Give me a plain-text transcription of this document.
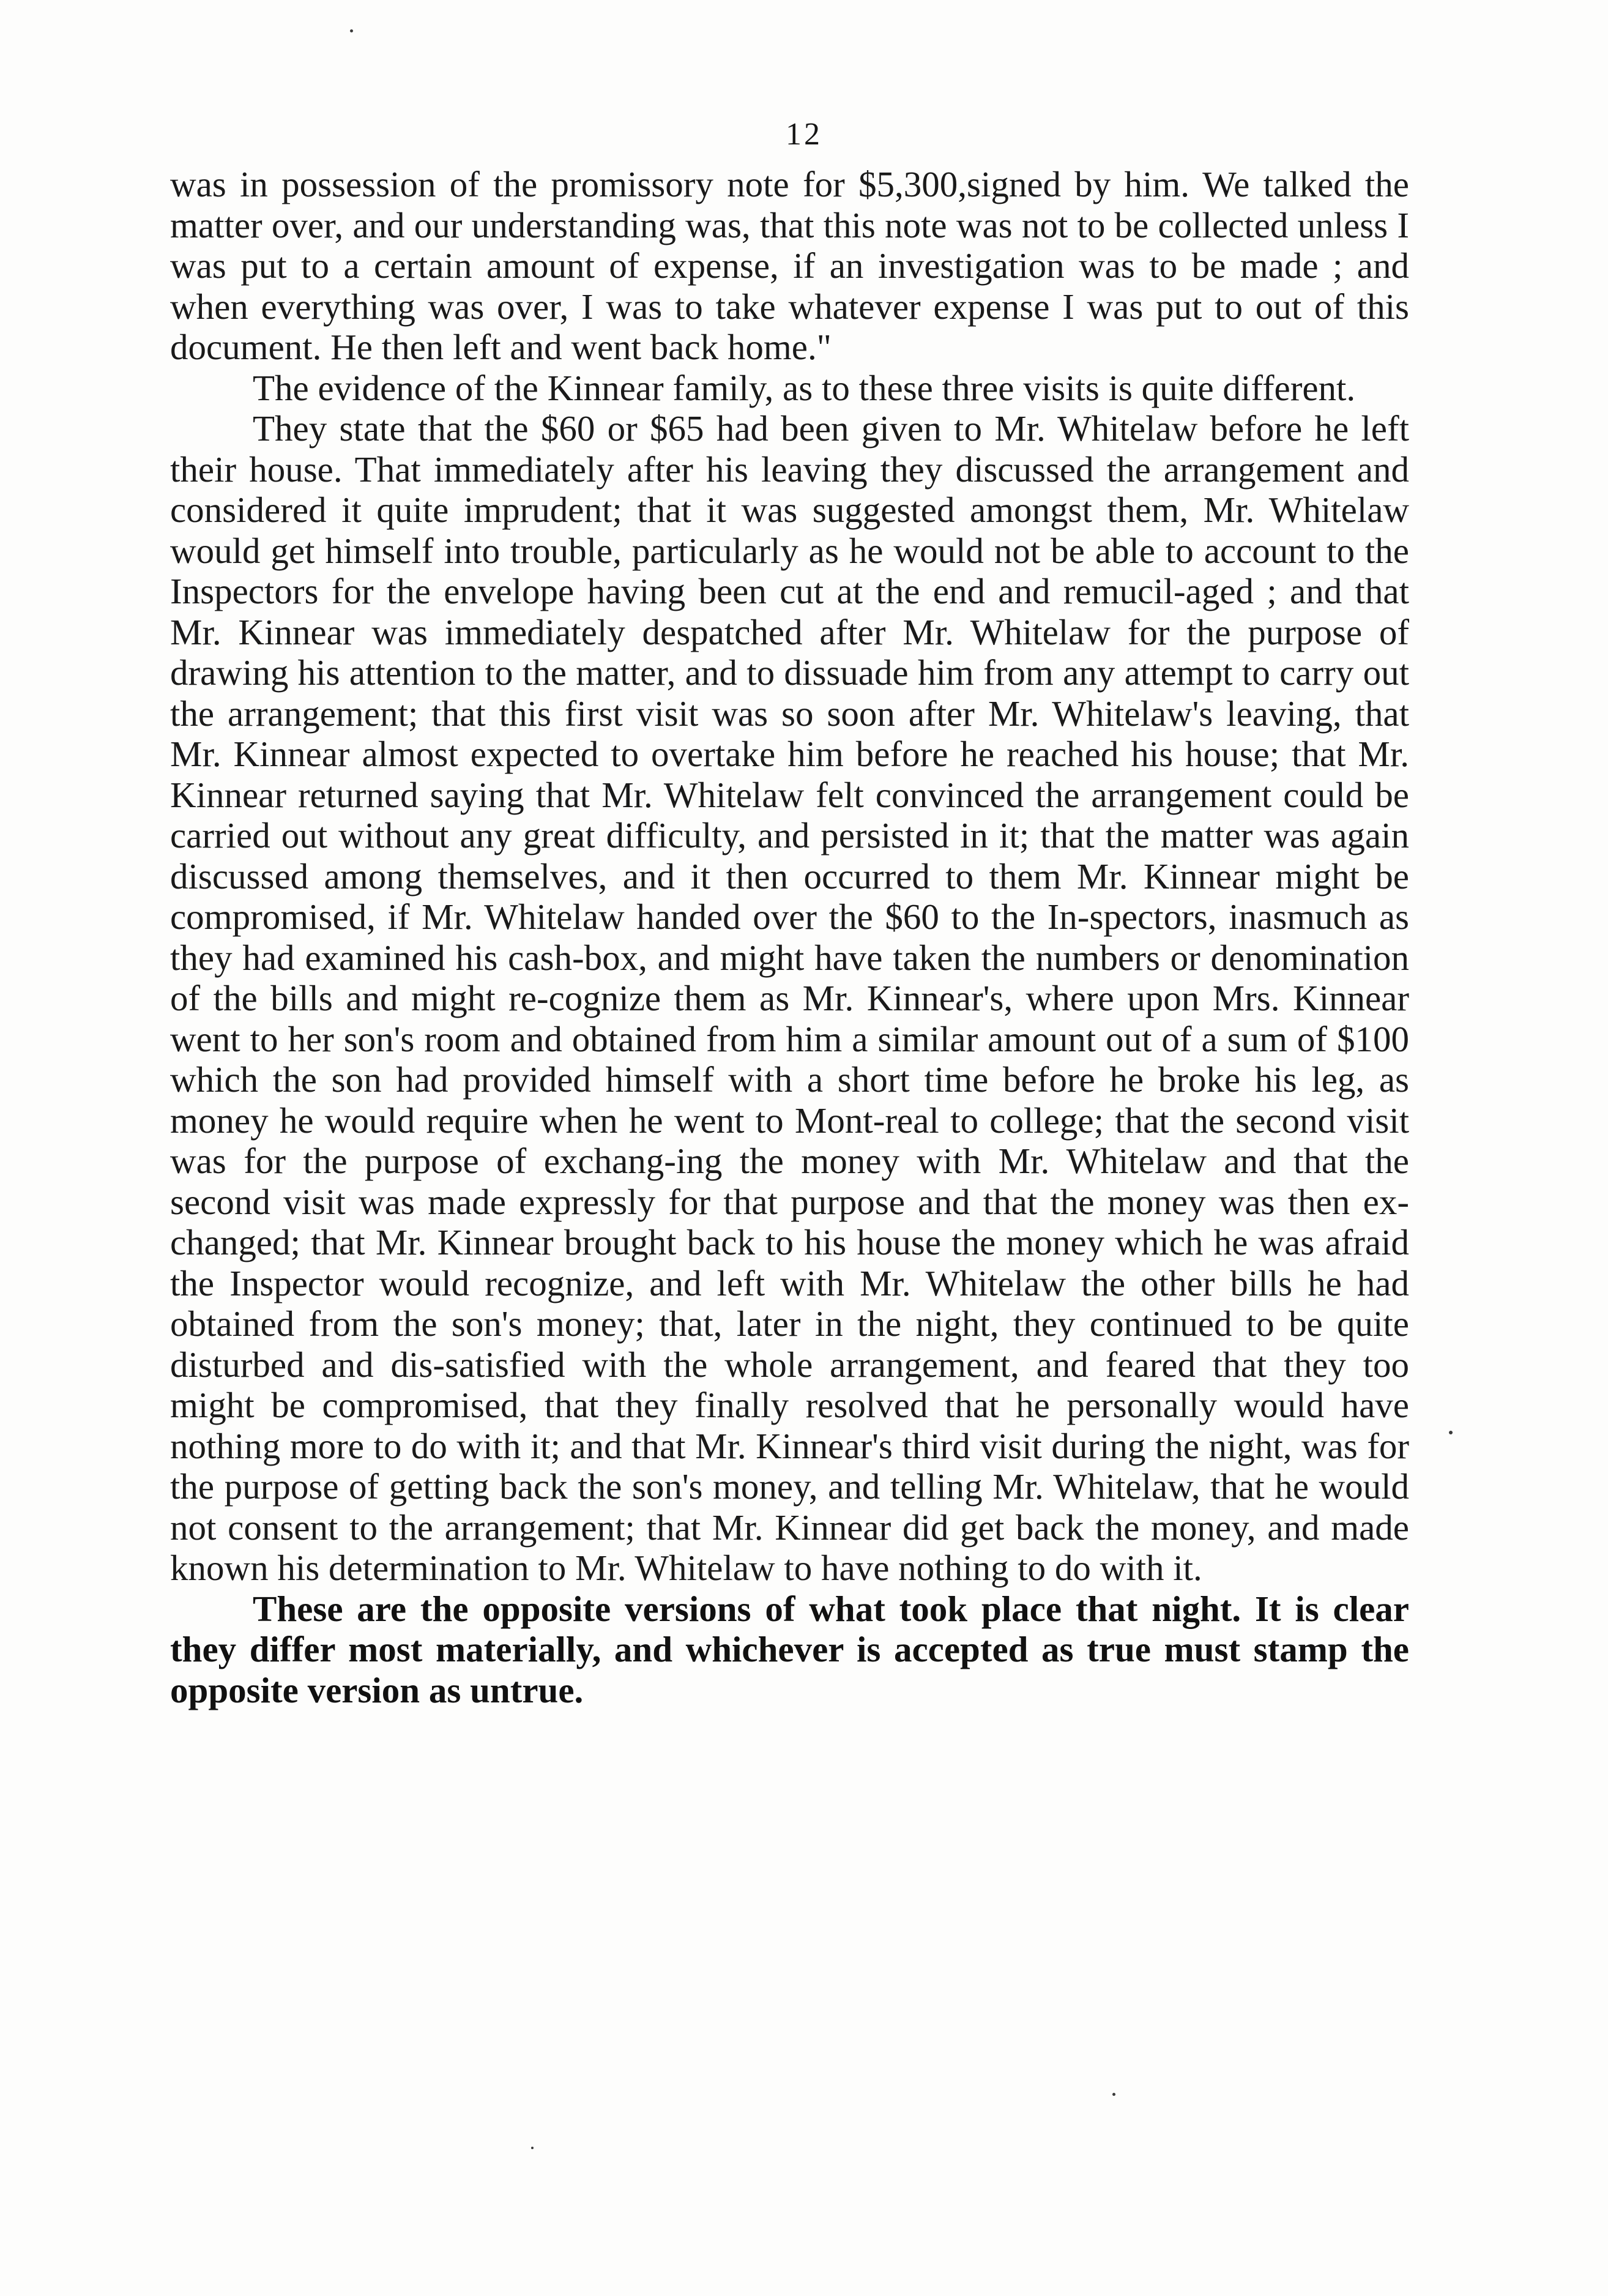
12

was in possession of the promissory note for $5,300,signed by him. We talked the matter over, and our understanding was, that this note was not to be collected unless I was put to a certain amount of expense, if an investigation was to be made ; and when everything was over, I was to take whatever expense I was put to out of this document. He then left and went back home."

The evidence of the Kinnear family, as to these three visits is quite different.

They state that the $60 or $65 had been given to Mr. Whitelaw before he left their house. That immediately after his leaving they discussed the arrangement and considered it quite imprudent; that it was suggested amongst them, Mr. Whitelaw would get himself into trouble, particularly as he would not be able to account to the Inspectors for the envelope having been cut at the end and remucil-aged ; and that Mr. Kinnear was immediately despatched after Mr. Whitelaw for the purpose of drawing his attention to the matter, and to dissuade him from any attempt to carry out the arrangement; that this first visit was so soon after Mr. Whitelaw's leaving, that Mr. Kinnear almost expected to overtake him before he reached his house; that Mr. Kinnear returned saying that Mr. Whitelaw felt convinced the arrangement could be carried out without any great difficulty, and persisted in it; that the matter was again discussed among themselves, and it then occurred to them Mr. Kinnear might be compromised, if Mr. Whitelaw handed over the $60 to the In-spectors, inasmuch as they had examined his cash-box, and might have taken the numbers or denomination of the bills and might re-cognize them as Mr. Kinnear's, where upon Mrs. Kinnear went to her son's room and obtained from him a similar amount out of a sum of $100 which the son had provided himself with a short time before he broke his leg, as money he would require when he went to Mont-real to college; that the second visit was for the purpose of exchang-ing the money with Mr. Whitelaw and that the second visit was made expressly for that purpose and that the money was then ex-changed; that Mr. Kinnear brought back to his house the money which he was afraid the Inspector would recognize, and left with Mr. Whitelaw the other bills he had obtained from the son's money; that, later in the night, they continued to be quite disturbed and dis-satisfied with the whole arrangement, and feared that they too might be compromised, that they finally resolved that he personally would have nothing more to do with it; and that Mr. Kinnear's third visit during the night, was for the purpose of getting back the son's money, and telling Mr. Whitelaw, that he would not consent to the arrangement; that Mr. Kinnear did get back the money, and made known his determination to Mr. Whitelaw to have nothing to do with it.

These are the opposite versions of what took place that night. It is clear they differ most materially, and whichever is accepted as true must stamp the opposite version as untrue.
